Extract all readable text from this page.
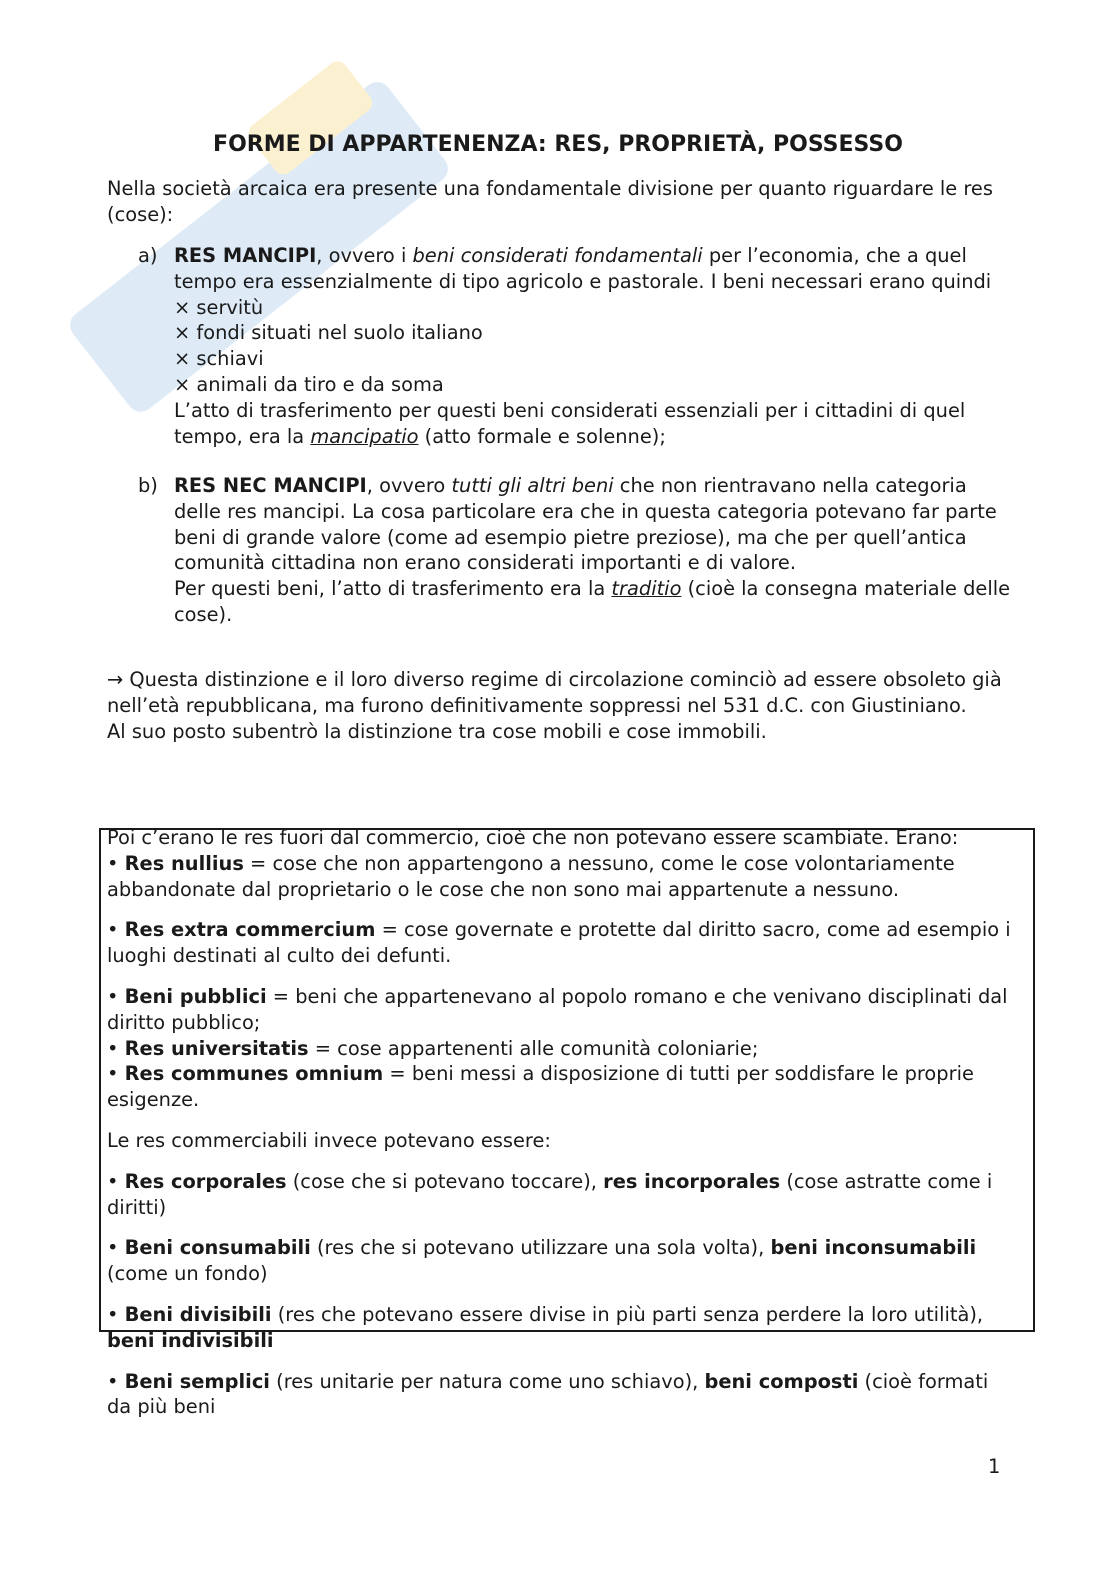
FORME DI APPARTENENZA: RES, PROPRIETÀ, POSSESSO

Nella società arcaica era presente una fondamentale divisione per quanto riguardare le res (cose):

a) RES MANCIPI, ovvero i beni considerati fondamentali per l’economia, che a quel tempo era essenzialmente di tipo agricolo e pastorale. I beni necessari erano quindi

× servitù

× fondi situati nel suolo italiano

× schiavi

× animali da tiro e da soma

L’atto di trasferimento per questi beni considerati essenziali per i cittadini di quel tempo, era la mancipatio (atto formale e solenne);

b) RES NEC MANCIPI, ovvero tutti gli altri beni che non rientravano nella categoria delle res mancipi. La cosa particolare era che in questa categoria potevano far parte beni di grande valore (come ad esempio pietre preziose), ma che per quell’antica comunità cittadina non erano considerati importanti e di valore.

Per questi beni, l’atto di trasferimento era la traditio (cioè la consegna materiale delle cose).

→ Questa distinzione e il loro diverso regime di circolazione cominciò ad essere obsoleto già nell’età repubblicana, ma furono definitivamente soppressi nel 531 d.C. con Giustiniano.

Al suo posto subentrò la distinzione tra cose mobili e cose immobili.

Poi c’erano le res fuori dal commercio, cioè che non potevano essere scambiate. Erano:

• Res nullius = cose che non appartengono a nessuno, come le cose volontariamente abbandonate dal proprietario o le cose che non sono mai appartenute a nessuno.

• Res extra commercium = cose governate e protette dal diritto sacro, come ad esempio i luoghi destinati al culto dei defunti.

• Beni pubblici = beni che appartenevano al popolo romano e che venivano disciplinati dal diritto pubblico;

• Res universitatis = cose appartenenti alle comunità coloniarie;

• Res communes omnium = beni messi a disposizione di tutti per soddisfare le proprie esigenze.

Le res commerciabili invece potevano essere:

• Res corporales (cose che si potevano toccare), res incorporales (cose astratte come i diritti)

• Beni consumabili (res che si potevano utilizzare una sola volta), beni inconsumabili (come un fondo)

• Beni divisibili (res che potevano essere divise in più parti senza perdere la loro utilità), beni indivisibili

• Beni semplici (res unitarie per natura come uno schiavo), beni composti (cioè formati da più beni

1
